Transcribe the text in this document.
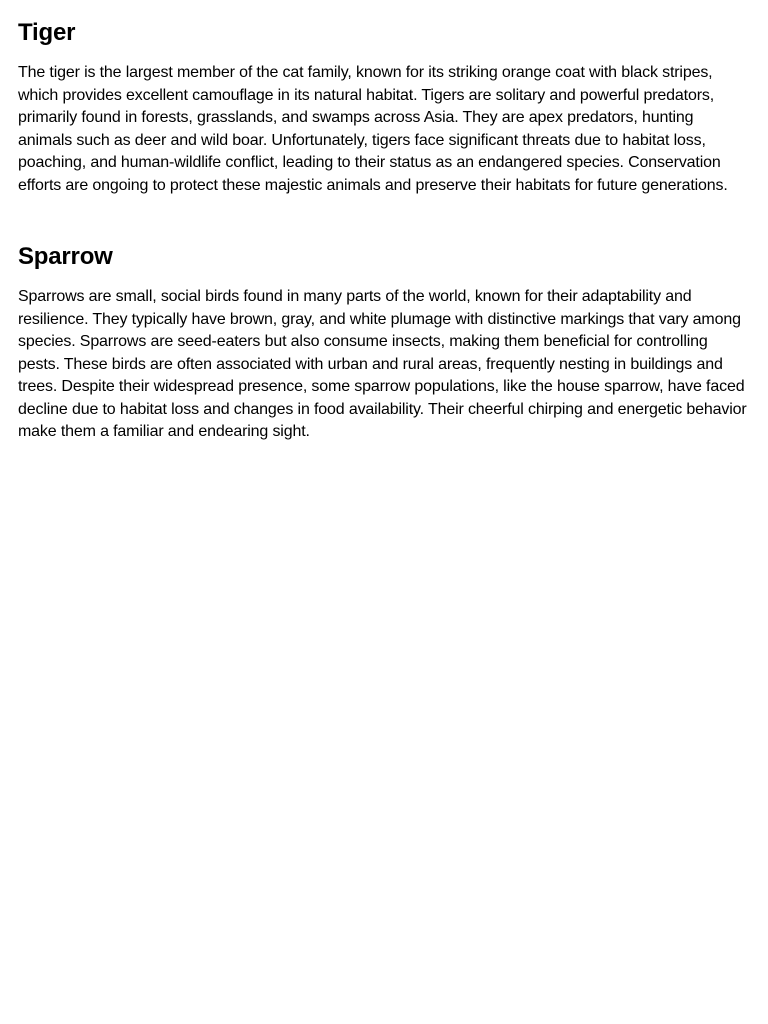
Tiger

The tiger is the largest member of the cat family, known for its striking orange coat with black stripes, which provides excellent camouflage in its natural habitat. Tigers are solitary and powerful predators, primarily found in forests, grasslands, and swamps across Asia. They are apex predators, hunting animals such as deer and wild boar. Unfortunately, tigers face significant threats due to habitat loss, poaching, and human-wildlife conflict, leading to their status as an endangered species. Conservation efforts are ongoing to protect these majestic animals and preserve their habitats for future generations.

Sparrow

Sparrows are small, social birds found in many parts of the world, known for their adaptability and resilience. They typically have brown, gray, and white plumage with distinctive markings that vary among species. Sparrows are seed-eaters but also consume insects, making them beneficial for controlling pests. These birds are often associated with urban and rural areas, frequently nesting in buildings and trees. Despite their widespread presence, some sparrow populations, like the house sparrow, have faced decline due to habitat loss and changes in food availability. Their cheerful chirping and energetic behavior make them a familiar and endearing sight.
